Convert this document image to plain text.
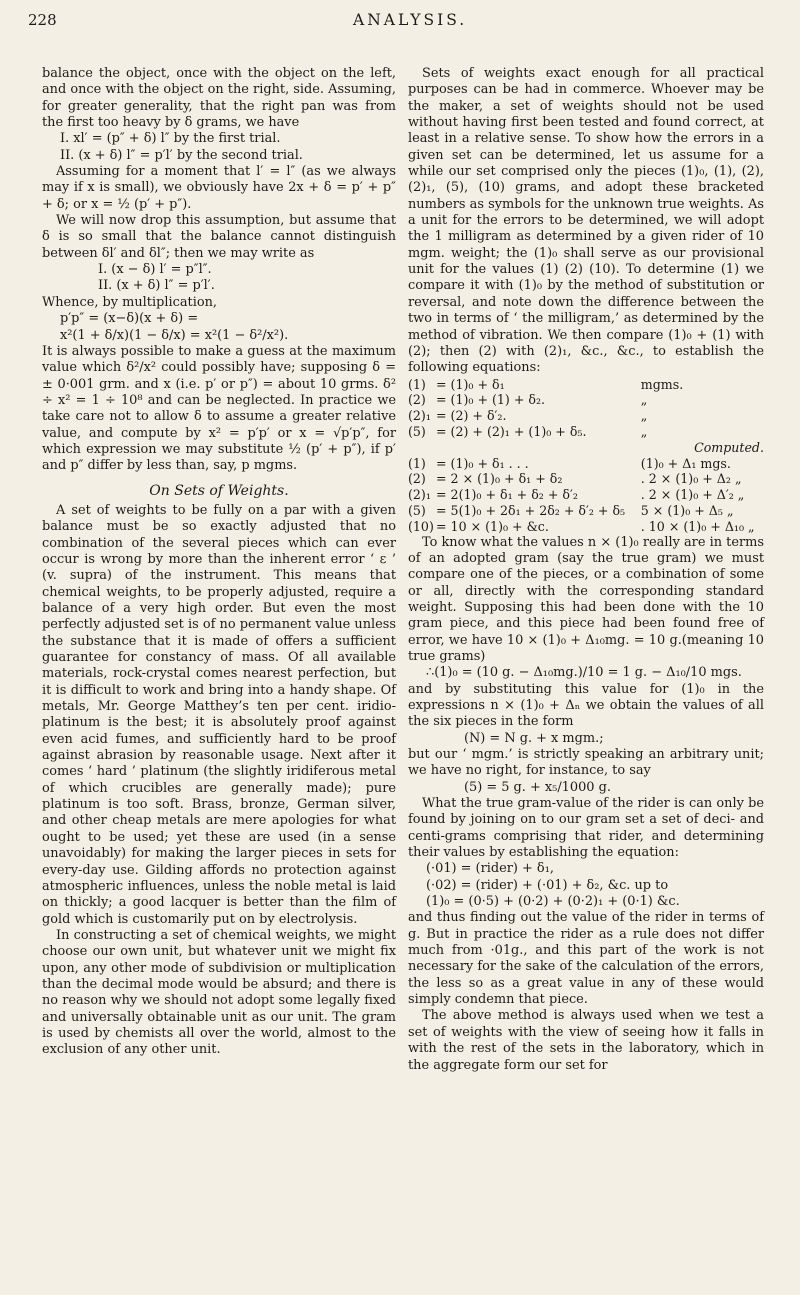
228	ANALYSIS.

balance the object, once with the object on the left, and once with the object on the right, side. Assuming, for greater generality, that the right pan was from the first too heavy by δ grams, we have

I. xl′ = (p″ + δ) l″ by the first trial.

II. (x + δ) l″ = p′l′ by the second trial.

Assuming for a moment that l′ = l″ (as we always may if x is small), we obviously have 2x + δ = p′ + p″ + δ; or x = ½ (p′ + p″).

We will now drop this assumption, but assume that δ is so small that the balance cannot distinguish between δl′ and δl″; then we may write as

I. (x − δ) l′ = p″l″.

II. (x + δ) l″ = p′l′.

Whence, by multiplication,

p′p″ = (x−δ)(x + δ) =

x²(1 + δ/x)(1 − δ/x) = x²(1 − δ²/x²).

It is always possible to make a guess at the maximum value which δ²/x² could possibly have; supposing δ = ± 0·001 grm. and x (i.e. p′ or p″) = about 10 grms. δ² ÷ x² = 1 ÷ 10⁸ and can be neglected. In practice we take care not to allow δ to assume a greater relative value, and compute by x² = p′p′ or x = √p′p″, for which expression we may substitute ½ (p′ + p″), if p′ and p″ differ by less than, say, p mgms.

On Sets of Weights.

A set of weights to be fully on a par with a given balance must be so exactly adjusted that no combination of the several pieces which can ever occur is wrong by more than the inherent error ‘ ε ’ (v. supra) of the instrument. This means that chemical weights, to be properly adjusted, require a balance of a very high order. But even the most perfectly adjusted set is of no permanent value unless the substance that it is made of offers a sufficient guarantee for constancy of mass. Of all available materials, rock-crystal comes nearest perfection, but it is difficult to work and bring into a handy shape. Of metals, Mr. George Matthey’s ten per cent. iridio-platinum is the best; it is absolutely proof against even acid fumes, and sufficiently hard to be proof against abrasion by reasonable usage. Next after it comes ‘ hard ’ platinum (the slightly iridiferous metal of which crucibles are generally made); pure platinum is too soft. Brass, bronze, German silver, and other cheap metals are mere apologies for what ought to be used; yet these are used (in a sense unavoidably) for making the larger pieces in sets for every-day use. Gilding affords no protection against atmospheric influences, unless the noble metal is laid on thickly; a good lacquer is better than the film of gold which is customarily put on by electrolysis.

In constructing a set of chemical weights, we might choose our own unit, but whatever unit we might fix upon, any other mode of subdivision or multiplication than the decimal mode would be absurd; and there is no reason why we should not adopt some legally fixed and universally obtainable unit as our unit. The gram is used by chemists all over the world, almost to the exclusion of any other unit.

Sets of weights exact enough for all practical purposes can be had in commerce. Whoever may be the maker, a set of weights should not be used without having first been tested and found correct, at least in a relative sense. To show how the errors in a given set can be determined, let us assume for a while our set comprised only the pieces (1)₀, (1), (2), (2)₁, (5), (10) grams, and adopt these bracketed numbers as symbols for the unknown true weights. As a unit for the errors to be determined, we will adopt the 1 milligram as determined by a given rider of 10 mgm. weight; the (1)₀ shall serve as our provisional unit for the values (1) (2) (10). To determine (1) we compare it with (1)₀ by the method of substitution or reversal, and note down the difference between the two in terms of ‘ the milligram,’ as determined by the method of vibration. We then compare (1)₀ + (1) with (2); then (2) with (2)₁, &c., &c., to establish the following equations:

(1)	= (1)₀ + δ₁	mgms.
(2)	= (1)₀ + (1) + δ₂.	„
(2)₁	= (2) + δ′₂.	„
(5)	= (2) + (2)₁ + (1)₀ + δ₅.	„
Computed.		
(1)	= (1)₀ + δ₁ . . .	(1)₀ + Δ₁ mgs.
(2)	= 2 × (1)₀ + δ₁ + δ₂	. 2 × (1)₀ + Δ₂ „
(2)₁	= 2(1)₀ + δ₁ + δ₂ + δ′₂	. 2 × (1)₀ + Δ′₂ „
(5)	= 5(1)₀ + 2δ₁ + 2δ₂ + δ′₂ + δ₅	5 × (1)₀ + Δ₅ „
(10)	= 10 × (1)₀ + &c.	. 10 × (1)₀ + Δ₁₀ „

To know what the values n × (1)₀ really are in terms of an adopted gram (say the true gram) we must compare one of the pieces, or a combination of some or all, directly with the corresponding standard weight. Supposing this had been done with the 10 gram piece, and this piece had been found free of error, we have 10 × (1)₀ + Δ₁₀mg. = 10 g.(meaning 10 true grams)

∴(1)₀ = (10 g. − Δ₁₀mg.)/10 = 1 g. − Δ₁₀/10 mgs.

and by substituting this value for (1)₀ in the expressions n × (1)₀ + Δₙ we obtain the values of all the six pieces in the form

(N) = N g. + x mgm.;

but our ‘ mgm.’ is strictly speaking an arbitrary unit; we have no right, for instance, to say

(5) = 5 g. + x₅/1000 g.

What the true gram-value of the rider is can only be found by joining on to our gram set a set of deci- and centi-grams comprising that rider, and determining their values by establishing the equation:

(·01) = (rider) + δ₁,

(·02) = (rider) + (·01) + δ₂, &c. up to

(1)₀ = (0·5) + (0·2) + (0·2)₁ + (0·1) &c.

and thus finding out the value of the rider in terms of g. But in practice the rider as a rule does not differ much from ·01g., and this part of the work is not necessary for the sake of the calculation of the errors, the less so as a great value in any of these would simply condemn that piece.

The above method is always used when we test a set of weights with the view of seeing how it falls in with the rest of the sets in the laboratory, which in the aggregate form our set for
